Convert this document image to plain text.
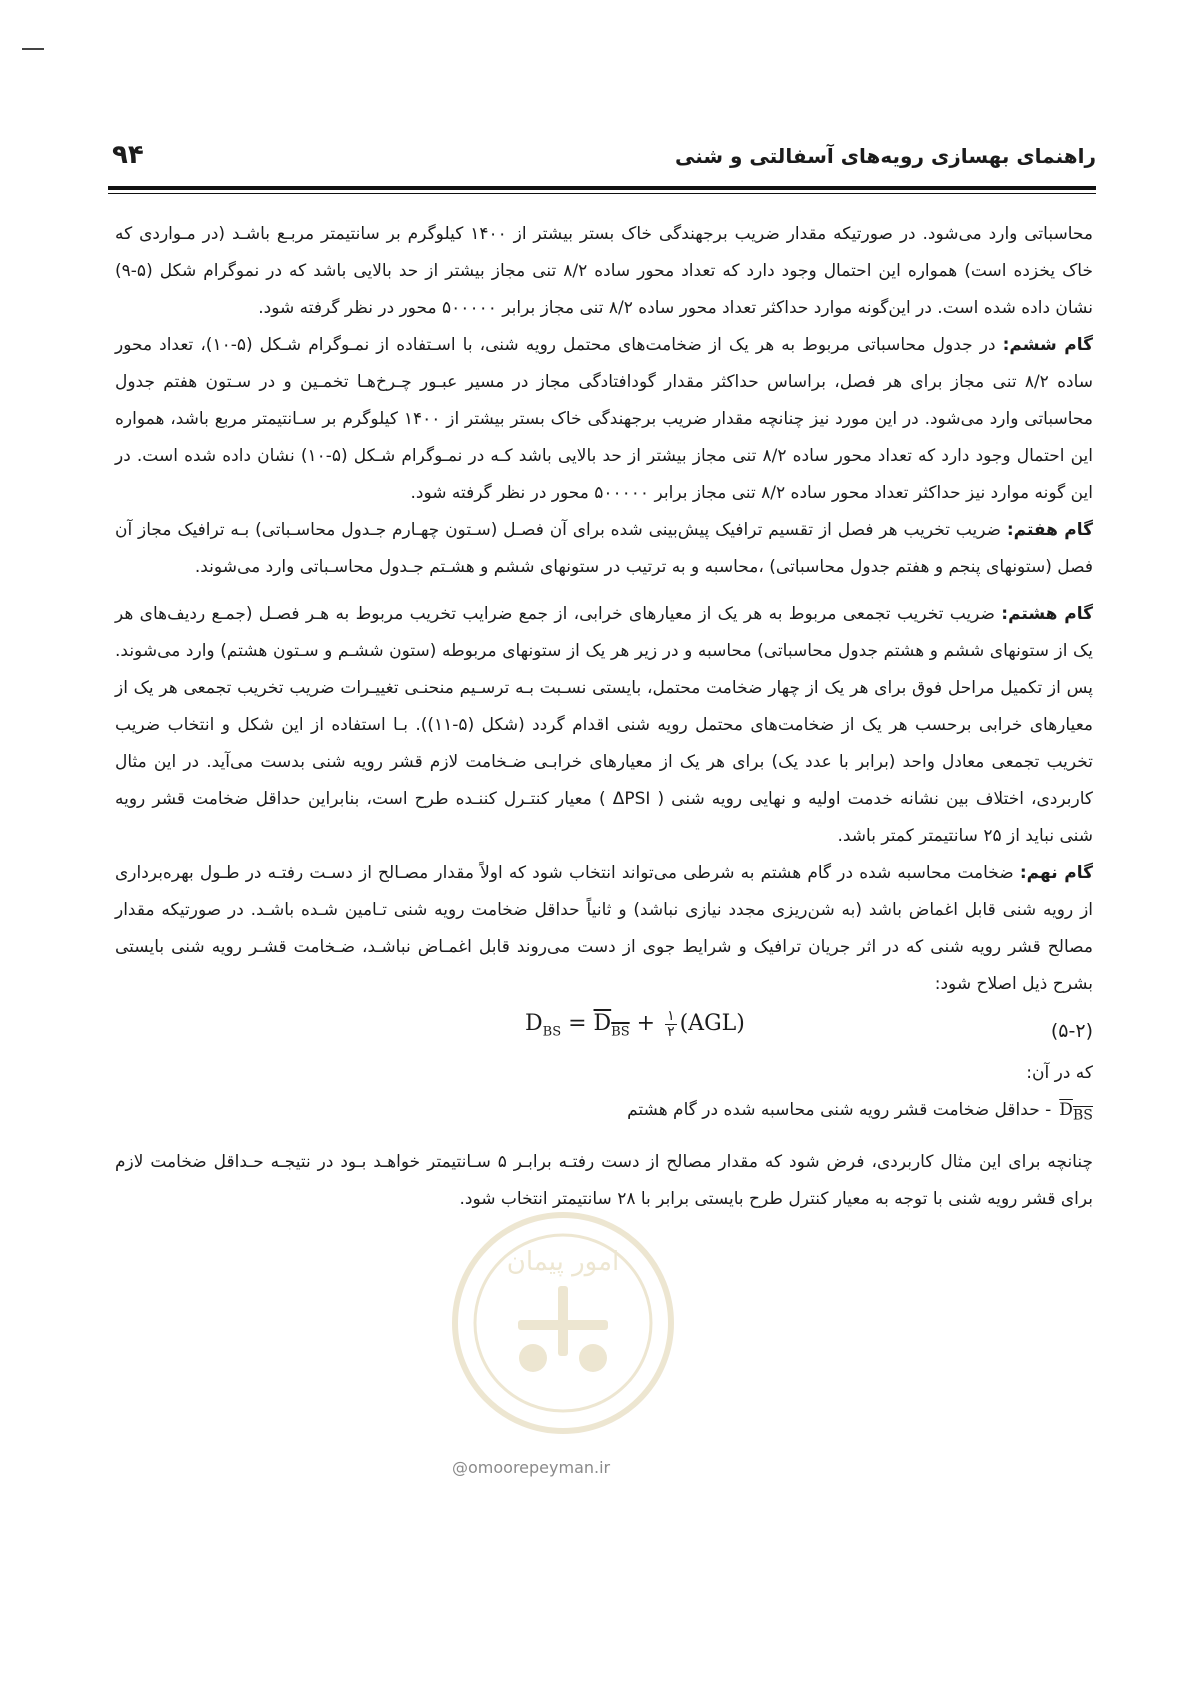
۹۴	راهنمای بهسازی رویه‌های آسفالتی و شنی

محاسباتی وارد می‌شود. در صورتیکه مقدار ضریب برجهندگی خاک بستر بیشتر از ۱۴۰۰ کیلوگرم بر سانتیمتر مربـع باشـد (در مـواردی که خاک یخزده است) همواره این احتمال وجود دارد که تعداد محور ساده ۸/۲ تنی مجاز بیشتر از حد بالایی باشد که در نموگرام شکل (۵-۹) نشان داده شده است. در این‌گونه موارد حداکثر تعداد محور ساده ۸/۲ تنی مجاز برابر ۵۰۰۰۰۰ محور در نظر گرفته شود.

گام ششم: در جدول محاسباتی مربوط به هر یک از ضخامت‌های محتمل رویه شنی، با اسـتفاده از نمـوگرام شـکل (۵-۱۰)، تعداد محور ساده ۸/۲ تنی مجاز برای هر فصل، براساس حداکثر مقدار گودافتادگی مجاز در مسیر عبـور چـرخ‌هـا تخمـین و در سـتون هفتم جدول محاسباتی وارد می‌شود. در این مورد نیز چنانچه مقدار ضریب برجهندگی خاک بستر بیشتر از ۱۴۰۰ کیلوگرم بر سـانتیمتر مربع باشد، همواره این احتمال وجود دارد که تعداد محور ساده ۸/۲ تنی مجاز بیشتر از حد بالایی باشد کـه در نمـوگرام شـکل (۵-۱۰) نشان داده شده است. در این گونه موارد نیز حداکثر تعداد محور ساده ۸/۲ تنی مجاز برابر ۵۰۰۰۰۰ محور در نظر گرفته شود.

گام هفتم: ضریب تخریب هر فصل از تقسیم ترافیک پیش‌بینی شده برای آن فصـل (سـتون چهـارم جـدول محاسـباتی) بـه ترافیک مجاز آن فصل (ستونهای پنجم و هفتم جدول محاسباتی) ،محاسبه و به ترتیب در ستونهای ششم و هشـتم جـدول محاسـباتی وارد می‌شوند.

گام هشتم: ضریب تخریب تجمعی مربوط به هر یک از معیارهای خرابی، از جمع ضرایب تخریب مربوط به هـر فصـل (جمـع ردیف‌های هر یک از ستونهای ششم و هشتم جدول محاسباتی) محاسبه و در زیر هر یک از ستونهای مربوطه (ستون ششـم و سـتون هشتم) وارد می‌شوند. پس از تکمیل مراحل فوق برای هر یک از چهار ضخامت محتمل، بایستی نسـبت بـه ترسـیم منحنـی تغییـرات ضریب تخریب تجمعی هر یک از معیارهای خرابی برحسب هر یک از ضخامت‌های محتمل رویه شنی اقدام گردد (شکل (۵-۱۱)). بـا استفاده از این شکل و انتخاب ضریب تخریب تجمعی معادل واحد (برابر با عدد یک) برای هر یک از معیارهای خرابـی ضـخامت لازم قشر رویه شنی بدست می‌آید. در این مثال کاربردی، اختلاف بین نشانه خدمت اولیه و نهایی رویه شنی ( ΔPSI ) معیار کنتـرل کننـده طرح است، بنابراین حداقل ضخامت قشر رویه شنی نباید از ۲۵ سانتیمتر کمتر باشد.

گام نهم: ضخامت محاسبه شده در گام هشتم به شرطی می‌تواند انتخاب شود که اولاً مقدار مصـالح از دسـت رفتـه در طـول بهره‌برداری از رویه شنی قابل اغماض باشد (به شن‌ریزی مجدد نیازی نباشد) و ثانیاً حداقل ضخامت رویه شنی تـامین شـده باشـد. در صورتیکه مقدار مصالح قشر رویه شنی که در اثر جریان ترافیک و شرایط جوی از دست می‌روند قابل اغمـاض نباشـد، ضـخامت قشـر رویه شنی بایستی بشرح ذیل اصلاح شود:

(۵-۲)
$D_{BS} = D_{BS} + \frac{۱}{۲} (AGL)$
که در آن:
$D_{BS}-$ حداقل ضخامت قشر رویه شنی محاسبه شده در گام هشتم

چنانچه برای این مثال کاربردی، فرض شود که مقدار مصالح از دست رفتـه برابـر ۵ سـانتیمتر خواهـد بـود در نتیجـه حـداقل ضخامت لازم برای قشر رویه شنی با توجه به معیار کنترل طرح بایستی برابر با ۲۸ سانتیمتر انتخاب شود.

امور پیمان
@omoorepeyman.ir
